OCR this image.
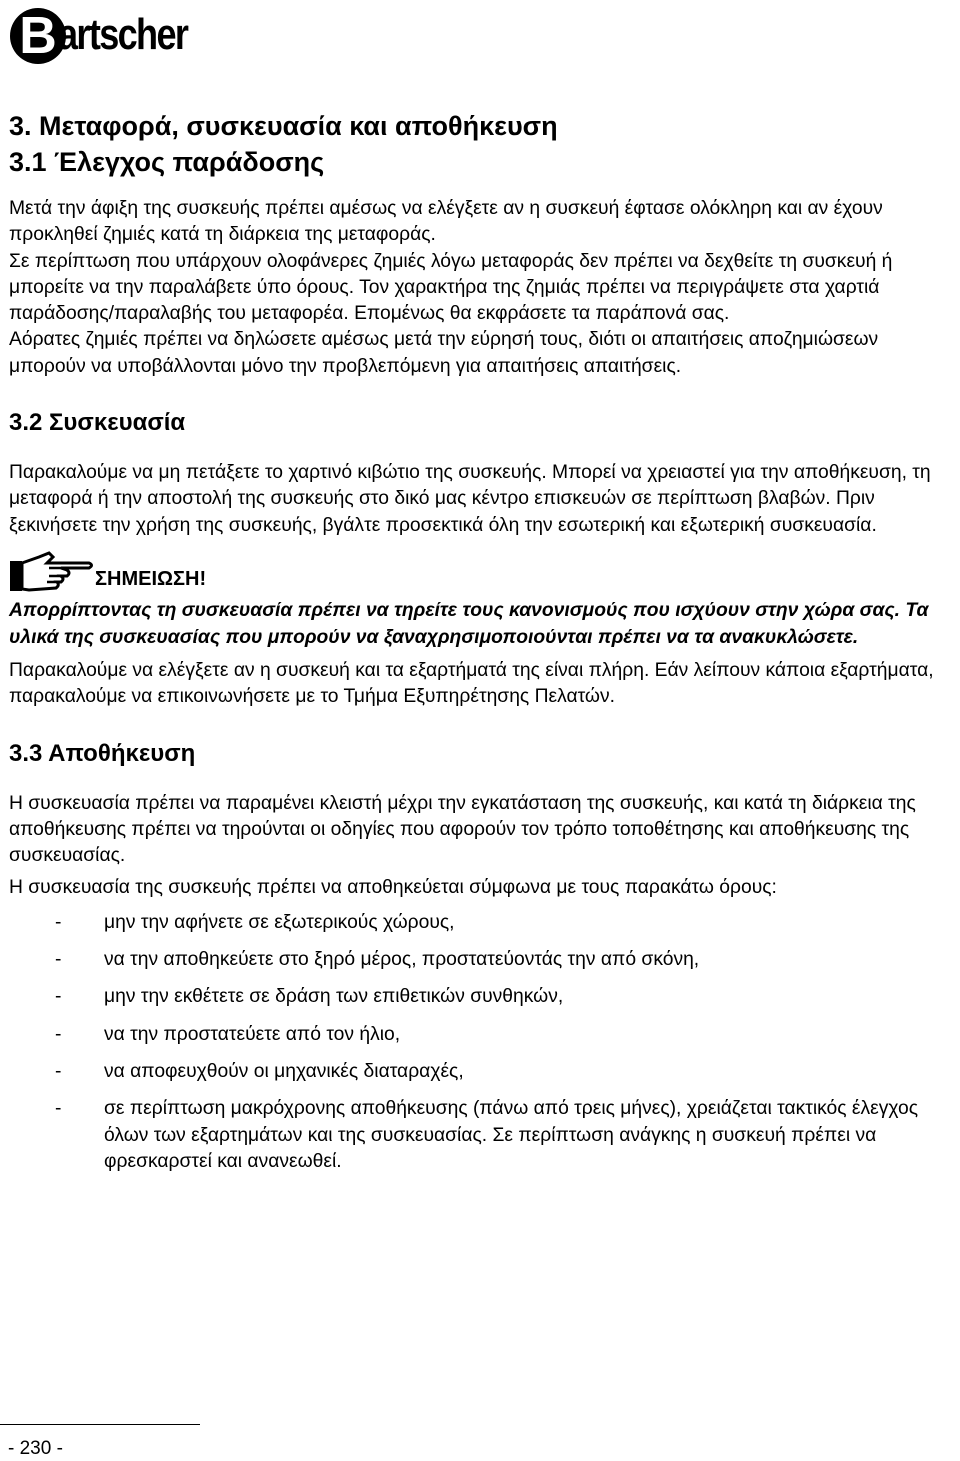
B artscher
3. Μεταφορά, συσκευασία και αποθήκευση
3.1 Έλεγχος παράδοσης

Μετά την άφιξη της συσκευής πρέπει αμέσως να ελέγξετε αν η συσκευή έφτασε ολόκληρη και αν έχουν προκληθεί ζημιές κατά τη διάρκεια της μεταφοράς.

Σε περίπτωση που υπάρχουν ολοφάνερες ζημιές λόγω μεταφοράς δεν πρέπει να δεχθείτε τη συσκευή ή μπορείτε να την παραλάβετε ύπο όρους. Τον χαρακτήρα της ζημιάς πρέπει να περιγράψετε στα χαρτιά παράδοσης/παραλαβής του μεταφορέα. Επομένως θα εκφράσετε τα παράπονά σας.

Αόρατες ζημιές πρέπει να δηλώσετε αμέσως μετά την εύρησή τους, διότι οι απαιτήσεις αποζημιώσεων μπορούν να υποβάλλονται μόνο την προβλεπόμενη για απαιτήσεις απαιτήσεις.

3.2 Συσκευασία

Παρακαλούμε να μη πετάξετε το χαρτινό κιβώτιο της συσκευής. Μπορεί να χρειαστεί για την αποθήκευση, τη μεταφορά ή την αποστολή της συσκευής στο δικό μας κέντρο επισκευών σε περίπτωση βλαβών. Πριν ξεκινήσετε την χρήση της συσκευής, βγάλτε προσεκτικά όλη την εσωτερική και εξωτερική συσκευασία.

ΣΗΜΕΙΩΣΗ!

Απορρίπτοντας τη συσκευασία πρέπει να τηρείτε τους κανονισμούς που ισχύουν στην χώρα σας. Τα υλικά της συσκευασίας που μπορούν να ξαναχρησιμοποιούνται πρέπει να τα ανακυκλώσετε.

Παρακαλούμε να ελέγξετε αν η συσκευή και τα εξαρτήματά της είναι πλήρη. Εάν λείπουν κάποια εξαρτήματα, παρακαλούμε να επικοινωνήσετε με το Τμήμα Εξυπηρέτησης Πελατών.

3.3 Αποθήκευση

Η συσκευασία πρέπει να παραμένει κλειστή μέχρι την εγκατάσταση της συσκευής, και κατά τη διάρκεια της αποθήκευσης πρέπει να τηρούνται οι οδηγίες που αφορούν τον τρόπο τοποθέτησης και αποθήκευσης της συσκευασίας.

Η συσκευασία της συσκευής πρέπει να αποθηκεύεται σύμφωνα με τους παρακάτω όρους:

- μην την αφήνετε σε εξωτερικούς χώρους,
- να την αποθηκεύετε στο ξηρό μέρος, προστατεύοντάς την από σκόνη,
- μην την εκθέτετε σε δράση των επιθετικών συνθηκών,
- να την προστατεύετε από τον ήλιο,
- να αποφευχθούν οι μηχανικές διαταραχές,
- σε περίπτωση μακρόχρονης αποθήκευσης (πάνω από τρεις μήνες), χρειάζεται τακτικός έλεγχος όλων των εξαρτημάτων και της συσκευασίας. Σε περίπτωση ανάγκης η συσκευή πρέπει να φρεσκαρστεί και ανανεωθεί.
- 230 -
